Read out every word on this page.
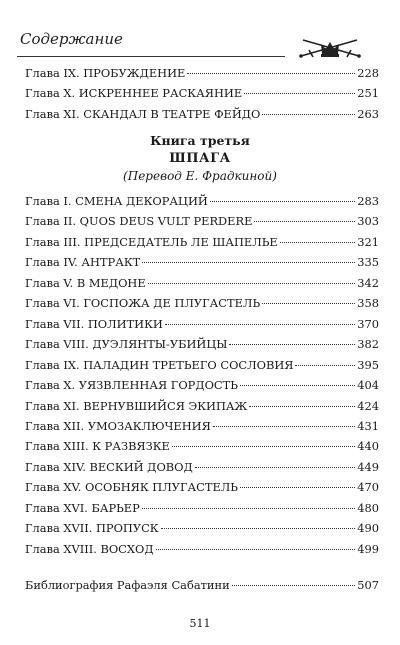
Содержание
Глава IX. ПРОБУЖДЕНИЕ	228
Глава X. ИСКРЕННЕЕ РАСКАЯНИЕ	251
Глава XI. СКАНДАЛ В ТЕАТРЕ ФЕЙДО	263
Книга третья
ШПАГА
(Перевод Е. Фрадкиной)
Глава I. СМЕНА ДЕКОРАЦИЙ	283
Глава II. QUOS DEUS VULT PERDERE	303
Глава III. ПРЕДСЕДАТЕЛЬ ЛЕ ШАПЕЛЬЕ	321
Глава IV. АНТРАКТ	335
Глава V. В МЕДОНЕ	342
Глава VI. ГОСПОЖА ДЕ ПЛУГАСТЕЛЬ	358
Глава VII. ПОЛИТИКИ	370
Глава VIII. ДУЭЛЯНТЫ-УБИЙЦЫ	382
Глава IX. ПАЛАДИН ТРЕТЬЕГО СОСЛОВИЯ	395
Глава X. УЯЗВЛЕННАЯ ГОРДОСТЬ	404
Глава XI. ВЕРНУВШИЙСЯ ЭКИПАЖ	424
Глава XII. УМОЗАКЛЮЧЕНИЯ	431
Глава XIII. К РАЗВЯЗКЕ	440
Глава XIV. ВЕСКИЙ ДОВОД	449
Глава XV. ОСОБНЯК ПЛУГАСТЕЛЬ	470
Глава XVI. БАРЬЕР	480
Глава XVII. ПРОПУСК	490
Глава XVIII. ВОСХОД	499
Библиография Рафаэля Сабатини	507
511
